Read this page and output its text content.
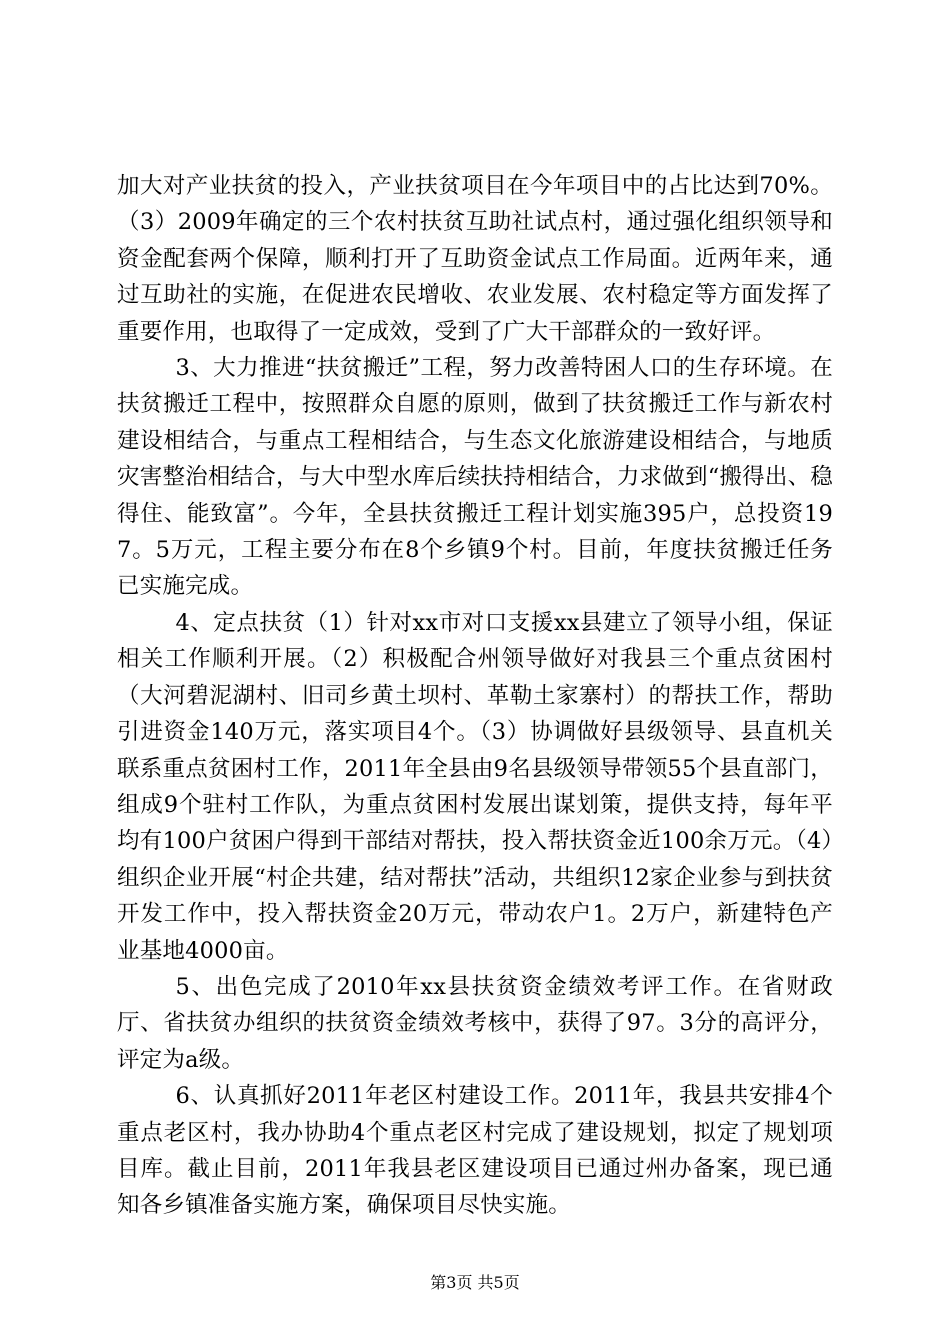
加大对产业扶贫的投入，产业扶贫项目在今年项目中的占比达到70%。（3）2009年确定的三个农村扶贫互助社试点村，通过强化组织领导和资金配套两个保障，顺利打开了互助资金试点工作局面。近两年来，通过互助社的实施，在促进农民增收、农业发展、农村稳定等方面发挥了重要作用，也取得了一定成效，受到了广大干部群众的一致好评。

3、大力推进“扶贫搬迁”工程，努力改善特困人口的生存环境。在扶贫搬迁工程中，按照群众自愿的原则，做到了扶贫搬迁工作与新农村建设相结合，与重点工程相结合，与生态文化旅游建设相结合，与地质灾害整治相结合，与大中型水库后续扶持相结合，力求做到“搬得出、稳得住、能致富”。今年，全县扶贫搬迁工程计划实施395户，总投资197。5万元，工程主要分布在8个乡镇9个村。目前，年度扶贫搬迁任务已实施完成。

4、定点扶贫（1）针对xx市对口支援xx县建立了领导小组，保证相关工作顺利开展。（2）积极配合州领导做好对我县三个重点贫困村（大河碧泥湖村、旧司乡黄土坝村、革勒土家寨村）的帮扶工作，帮助引进资金140万元，落实项目4个。（3）协调做好县级领导、县直机关联系重点贫困村工作，2011年全县由9名县级领导带领55个县直部门，组成9个驻村工作队，为重点贫困村发展出谋划策，提供支持，每年平均有100户贫困户得到干部结对帮扶，投入帮扶资金近100余万元。（4）组织企业开展“村企共建，结对帮扶”活动，共组织12家企业参与到扶贫开发工作中，投入帮扶资金20万元，带动农户1。2万户，新建特色产业基地4000亩。

5、出色完成了2010年xx县扶贫资金绩效考评工作。在省财政厅、省扶贫办组织的扶贫资金绩效考核中，获得了97。3分的高评分，评定为a级。

6、认真抓好2011年老区村建设工作。2011年，我县共安排4个重点老区村，我办协助4个重点老区村完成了建设规划，拟定了规划项目库。截止目前，2011年我县老区建设项目已通过州办备案，现已通知各乡镇准备实施方案，确保项目尽快实施。

第3页 共5页
